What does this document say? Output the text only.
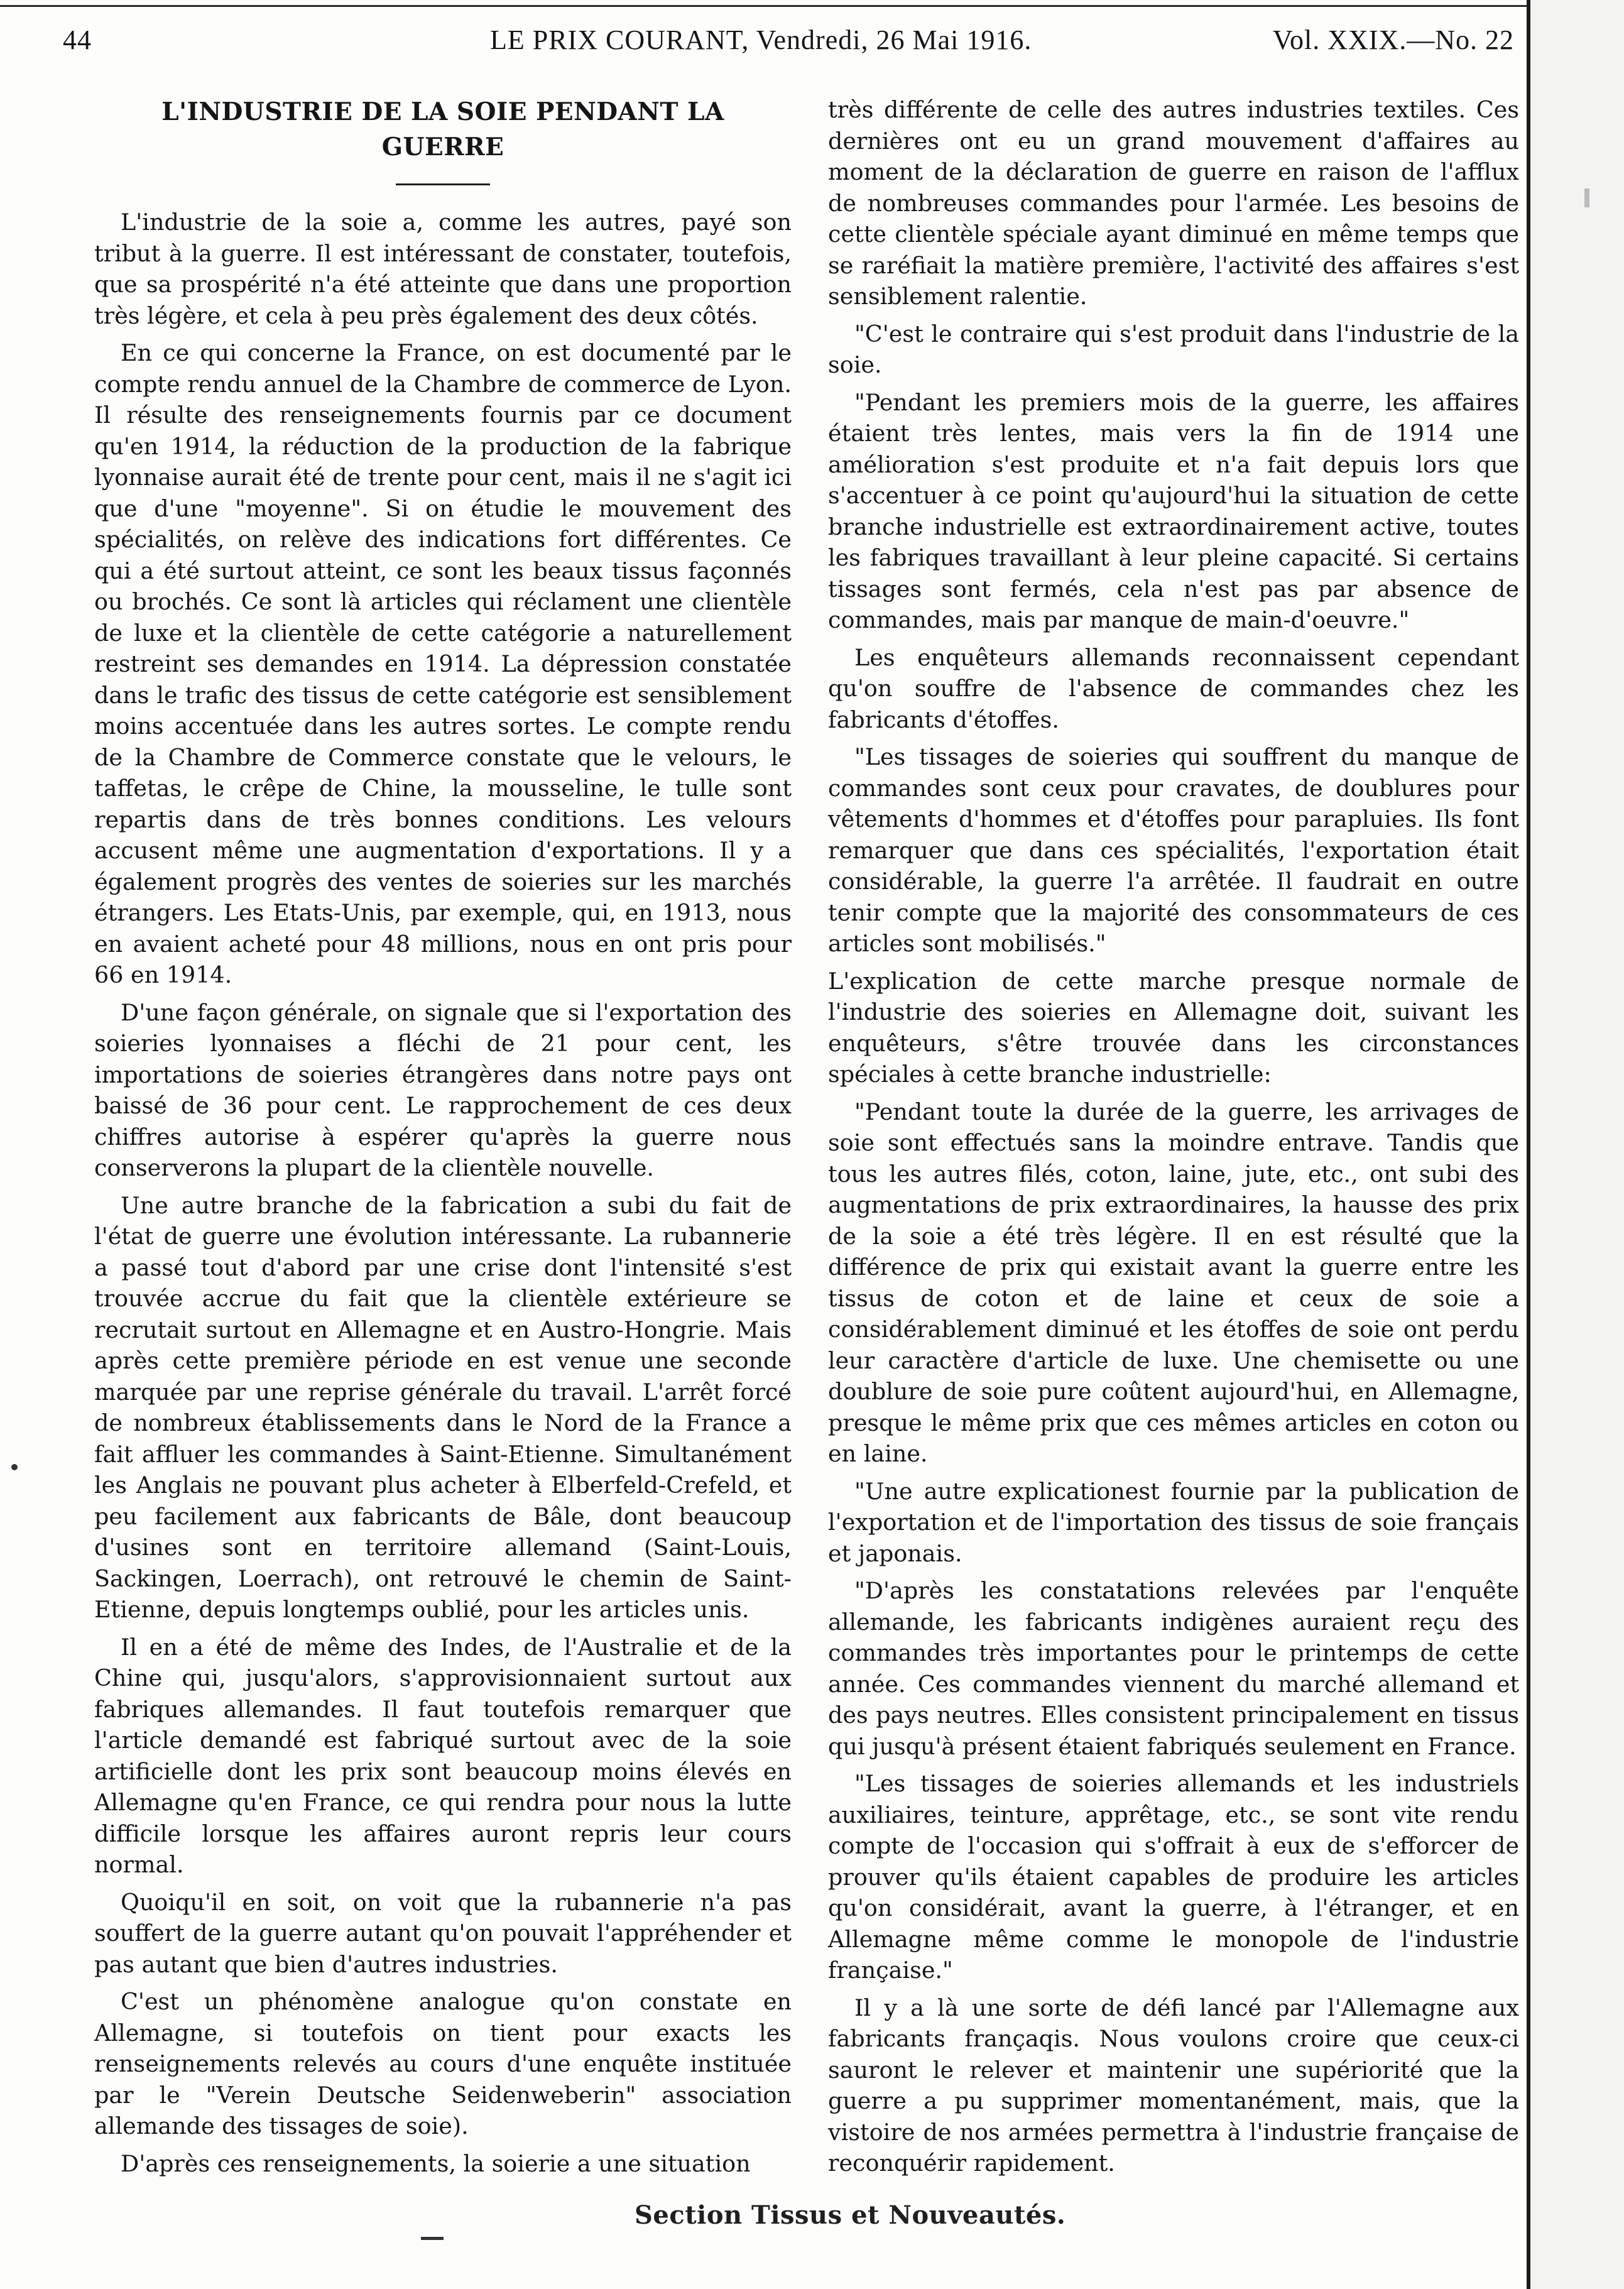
44	LE PRIX COURANT, Vendredi, 26 Mai 1916.	Vol. XXIX.—No. 22
L'INDUSTRIE DE LA SOIE PENDANT LA GUERRE

L'industrie de la soie a, comme les autres, payé son tribut à la guerre. Il est intéressant de constater, toutefois, que sa prospérité n'a été atteinte que dans une proportion très légère, et cela à peu près également des deux côtés.

En ce qui concerne la France, on est documenté par le compte rendu annuel de la Chambre de commerce de Lyon. Il résulte des renseignements fournis par ce document qu'en 1914, la réduction de la production de la fabrique lyonnaise aurait été de trente pour cent, mais il ne s'agit ici que d'une "moyenne". Si on étudie le mouvement des spécialités, on relève des indications fort différentes. Ce qui a été surtout atteint, ce sont les beaux tissus façonnés ou brochés. Ce sont là articles qui réclament une clientèle de luxe et la clientèle de cette catégorie a naturellement restreint ses demandes en 1914. La dépression constatée dans le trafic des tissus de cette catégorie est sensiblement moins accentuée dans les autres sortes. Le compte rendu de la Chambre de Commerce constate que le velours, le taffetas, le crêpe de Chine, la mousseline, le tulle sont repartis dans de très bonnes conditions. Les velours accusent même une augmentation d'exportations. Il y a également progrès des ventes de soieries sur les marchés étrangers. Les Etats-Unis, par exemple, qui, en 1913, nous en avaient acheté pour 48 millions, nous en ont pris pour 66 en 1914.

D'une façon générale, on signale que si l'exportation des soieries lyonnaises a fléchi de 21 pour cent, les importations de soieries étrangères dans notre pays ont baissé de 36 pour cent. Le rapprochement de ces deux chiffres autorise à espérer qu'après la guerre nous conserverons la plupart de la clientèle nouvelle.

Une autre branche de la fabrication a subi du fait de l'état de guerre une évolution intéressante. La rubannerie a passé tout d'abord par une crise dont l'intensité s'est trouvée accrue du fait que la clientèle extérieure se recrutait surtout en Allemagne et en Austro-Hongrie. Mais après cette première période en est venue une seconde marquée par une reprise générale du travail. L'arrêt forcé de nombreux établissements dans le Nord de la France a fait affluer les commandes à Saint-Etienne. Simultanément les Anglais ne pouvant plus acheter à Elberfeld-Crefeld, et peu facilement aux fabricants de Bâle, dont beaucoup d'usines sont en territoire allemand (Saint-Louis, Sackingen, Loerrach), ont retrouvé le chemin de Saint-Etienne, depuis longtemps oublié, pour les articles unis.

Il en a été de même des Indes, de l'Australie et de la Chine qui, jusqu'alors, s'approvisionnaient surtout aux fabriques allemandes. Il faut toutefois remarquer que l'article demandé est fabriqué surtout avec de la soie artificielle dont les prix sont beaucoup moins élevés en Allemagne qu'en France, ce qui rendra pour nous la lutte difficile lorsque les affaires auront repris leur cours normal.

Quoiqu'il en soit, on voit que la rubannerie n'a pas souffert de la guerre autant qu'on pouvait l'appréhender et pas autant que bien d'autres industries.

C'est un phénomène analogue qu'on constate en Allemagne, si toutefois on tient pour exacts les renseignements relevés au cours d'une enquête instituée par le "Verein Deutsche Seidenweberin" association allemande des tissages de soie).

D'après ces renseignements, la soierie a une situation

très différente de celle des autres industries textiles. Ces dernières ont eu un grand mouvement d'affaires au moment de la déclaration de guerre en raison de l'afflux de nombreuses commandes pour l'armée. Les besoins de cette clientèle spéciale ayant diminué en même temps que se raréfiait la matière première, l'activité des affaires s'est sensiblement ralentie.

"C'est le contraire qui s'est produit dans l'industrie de la soie.

"Pendant les premiers mois de la guerre, les affaires étaient très lentes, mais vers la fin de 1914 une amélioration s'est produite et n'a fait depuis lors que s'accentuer à ce point qu'aujourd'hui la situation de cette branche industrielle est extraordinairement active, toutes les fabriques travaillant à leur pleine capacité. Si certains tissages sont fermés, cela n'est pas par absence de commandes, mais par manque de main-d'oeuvre."

Les enquêteurs allemands reconnaissent cependant qu'on souffre de l'absence de commandes chez les fabricants d'étoffes.

"Les tissages de soieries qui souffrent du manque de commandes sont ceux pour cravates, de doublures pour vêtements d'hommes et d'étoffes pour parapluies. Ils font remarquer que dans ces spécialités, l'exportation était considérable, la guerre l'a arrêtée. Il faudrait en outre tenir compte que la majorité des consommateurs de ces articles sont mobilisés."

L'explication de cette marche presque normale de l'industrie des soieries en Allemagne doit, suivant les enquêteurs, s'être trouvée dans les circonstances spéciales à cette branche industrielle:

"Pendant toute la durée de la guerre, les arrivages de soie sont effectués sans la moindre entrave. Tandis que tous les autres filés, coton, laine, jute, etc., ont subi des augmentations de prix extraordinaires, la hausse des prix de la soie a été très légère. Il en est résulté que la différence de prix qui existait avant la guerre entre les tissus de coton et de laine et ceux de soie a considérablement diminué et les étoffes de soie ont perdu leur caractère d'article de luxe. Une chemisette ou une doublure de soie pure coûtent aujourd'hui, en Allemagne, presque le même prix que ces mêmes articles en coton ou en laine.

"Une autre explicationest fournie par la publication de l'exportation et de l'importation des tissus de soie français et japonais.

"D'après les constatations relevées par l'enquête allemande, les fabricants indigènes auraient reçu des commandes très importantes pour le printemps de cette année. Ces commandes viennent du marché allemand et des pays neutres. Elles consistent principalement en tissus qui jusqu'à présent étaient fabriqués seulement en France.

"Les tissages de soieries allemands et les industriels auxiliaires, teinture, apprêtage, etc., se sont vite rendu compte de l'occasion qui s'offrait à eux de s'efforcer de prouver qu'ils étaient capables de produire les articles qu'on considérait, avant la guerre, à l'étranger, et en Allemagne même comme le monopole de l'industrie française."

Il y a là une sorte de défi lancé par l'Allemagne aux fabricants françaqis. Nous voulons croire que ceux-ci sauront le relever et maintenir une supériorité que la guerre a pu supprimer momentanément, mais, que la vistoire de nos armées permettra à l'industrie française de reconquérir rapidement.

Section Tissus et Nouveautés.
